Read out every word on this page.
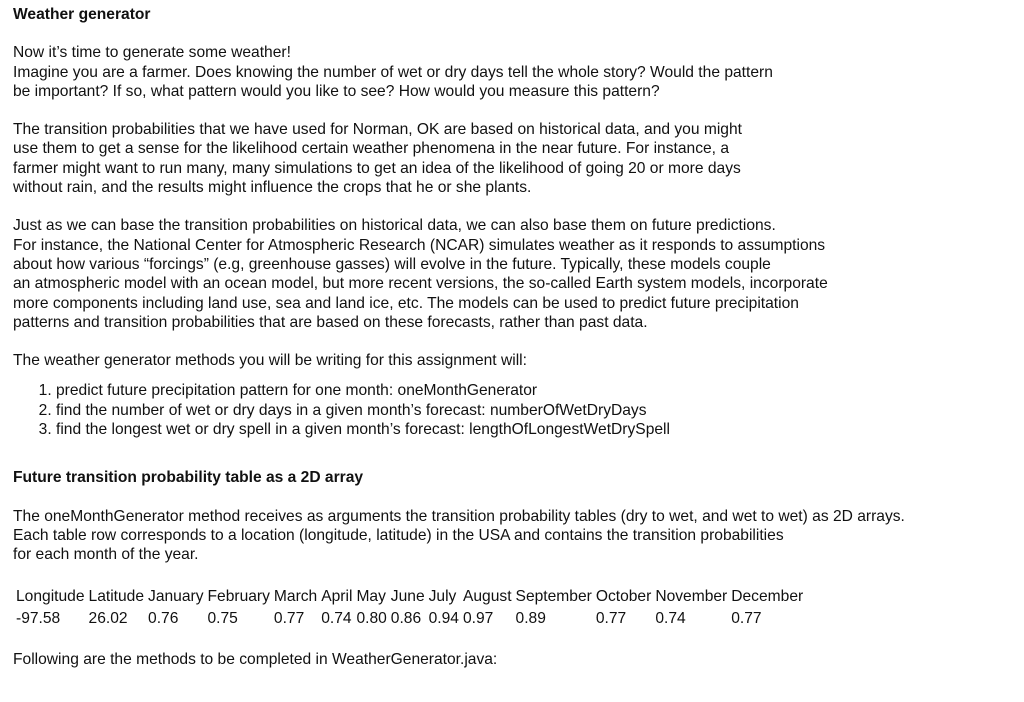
Weather generator

Now it’s time to generate some weather!
Imagine you are a farmer. Does knowing the number of wet or dry days tell the whole story? Would the pattern
be important? If so, what pattern would you like to see? How would you measure this pattern?

The transition probabilities that we have used for Norman, OK are based on historical data, and you might
use them to get a sense for the likelihood certain weather phenomena in the near future. For instance, a
farmer might want to run many, many simulations to get an idea of the likelihood of going 20 or more days
without rain, and the results might influence the crops that he or she plants.

Just as we can base the transition probabilities on historical data, we can also base them on future predictions.
For instance, the National Center for Atmospheric Research (NCAR) simulates weather as it responds to assumptions
about how various “forcings” (e.g, greenhouse gasses) will evolve in the future. Typically, these models couple
an atmospheric model with an ocean model, but more recent versions, the so-called Earth system models, incorporate
more components including land use, sea and land ice, etc. The models can be used to predict future precipitation
patterns and transition probabilities that are based on these forecasts, rather than past data.

The weather generator methods you will be writing for this assignment will:

1. predict future precipitation pattern for one month: oneMonthGenerator
2. find the number of wet or dry days in a given month’s forecast: numberOfWetDryDays
3. find the longest wet or dry spell in a given month’s forecast: lengthOfLongestWetDrySpell
Future transition probability table as a 2D array

The oneMonthGenerator method receives as arguments the transition probability tables (dry to wet, and wet to wet) as 2D arrays.
Each table row corresponds to a location (longitude, latitude) in the USA and contains the transition probabilities
for each month of the year.

Longitude	Latitude	January	February	March	April	May	June	July	August	September	October	November	December
-97.58	26.02	0.76	0.75	0.77	0.74	0.80	0.86	0.94	0.97	0.89	0.77	0.74	0.77

Following are the methods to be completed in WeatherGenerator.java:
